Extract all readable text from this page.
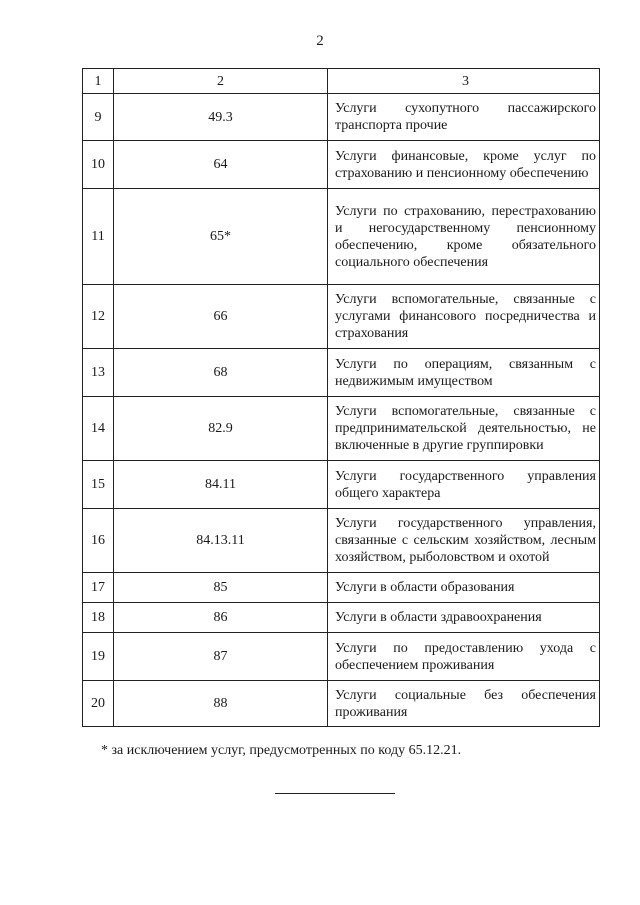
2
1	2	3
9	49.3	Услуги сухопутного пассажирского транспорта прочие
10	64	Услуги финансовые, кроме услуг по страхованию и пенсионному обеспечению
11	65*	Услуги по страхованию, перестрахованию и негосударственному пенсионному обеспечению, кроме обязательного социального обеспечения
12	66	Услуги вспомогательные, связанные с услугами финансового посредничества и страхования
13	68	Услуги по операциям, связанным с недвижимым имуществом
14	82.9	Услуги вспомогательные, связанные с предпринимательской деятельностью, не включенные в другие группировки
15	84.11	Услуги государственного управления общего характера
16	84.13.11	Услуги государственного управления, связанные с сельским хозяйством, лесным хозяйством, рыболовством и охотой
17	85	Услуги в области образования
18	86	Услуги в области здравоохранения
19	87	Услуги по предоставлению ухода с обеспечением проживания
20	88	Услуги социальные без обеспечения проживания
* за исключением услуг, предусмотренных по коду 65.12.21.
